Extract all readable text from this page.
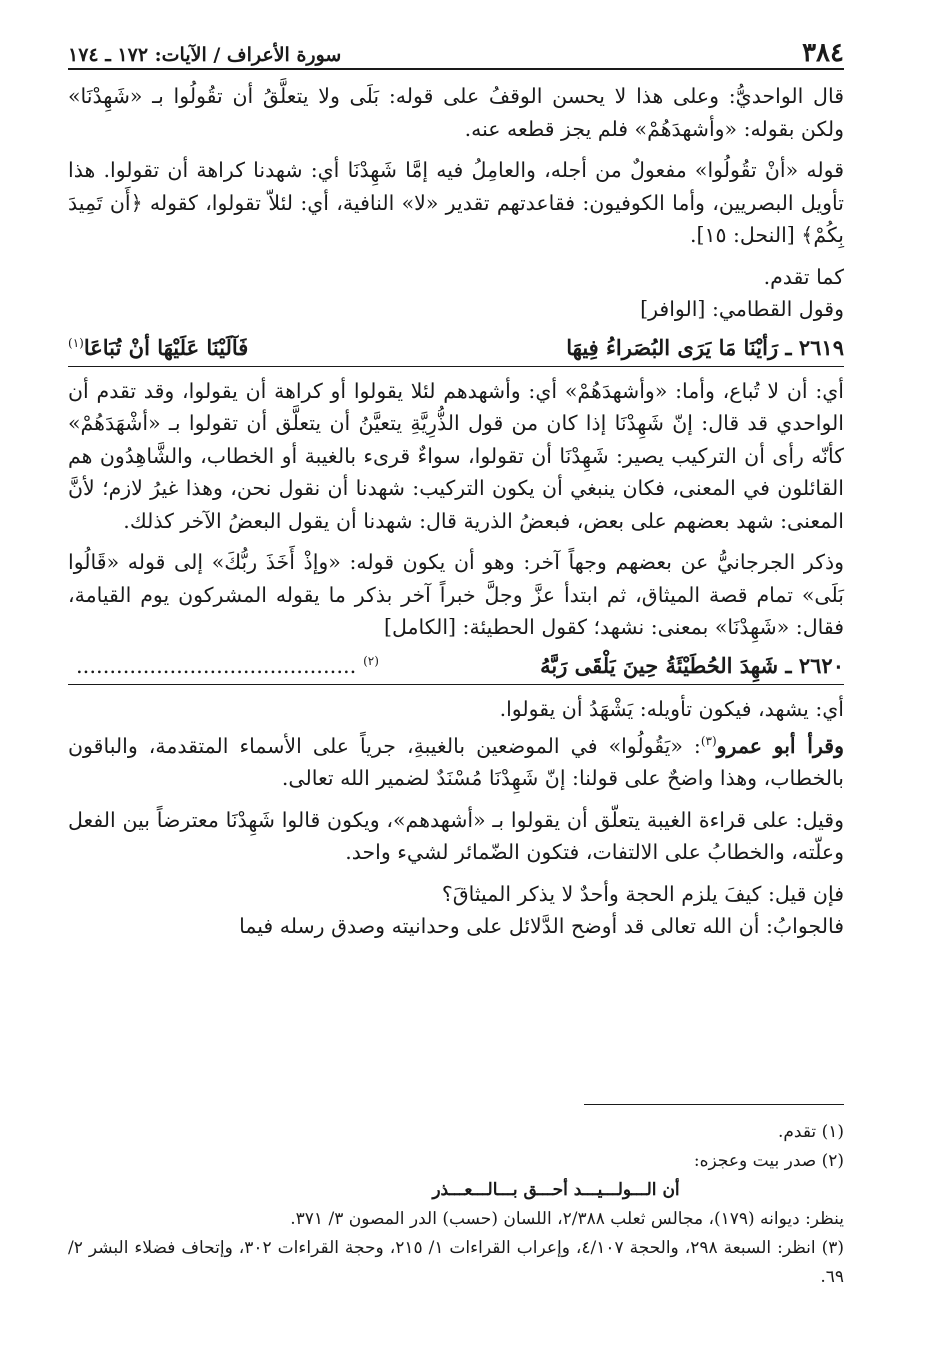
٣٨٤
سورة الأعراف / الآيات: ١٧٢ ـ ١٧٤

قال الواحديُّ: وعلى هذا لا يحسن الوقفُ على قوله: بَلَى ولا يتعلَّقُ أن تقُولُوا بـ «شَهِدْنَا» ولكن بقوله: «وأشهدَهُمْ» فلم يجز قطعه عنه.

قوله «أنْ تقُولُوا» مفعولٌ من أجله، والعامِلُ فيه إمَّا شَهِدْنَا أي: شهدنا كراهة أن تقولوا. هذا تأويل البصريين، وأما الكوفيون: فقاعدتهم تقدير «لا» النافية، أي: لئلاّ تقولوا، كقوله ﴿أَن تَمِيدَ بِكُمْ﴾ [النحل: ١٥].

كما تقدم.

وقول القطامي: [الوافر]

٢٦١٩ ـ رَأيْنَا مَا يَرَى البُصَراءُ فِيهَا
فَآلَيْنَا عَلَيْهَا أنْ تُبَاعَا$^{(١)}$

أي: أن لا تُباع، وأما: «وأشهدَهُمْ» أي: وأشهدهم لئلا يقولوا أو كراهة أن يقولوا، وقد تقدم أن الواحدي قد قال: إنّ شَهِدْنَا إذا كان من قول الذُّرِيَّةِ يتعيَّنُ أن يتعلَّق أن تقولوا بـ «أشْهَدَهُمْ» كأنّه رأى أن التركيب يصير: شَهِدْنَا أن تقولوا، سواءٌ قرىء بالغيبة أو الخطاب، والشَّاهِدُون هم القائلون في المعنى، فكان ينبغي أن يكون التركيب: شهدنا أن نقول نحن، وهذا غيرُ لازم؛ لأنَّ المعنى: شهد بعضهم على بعض، فبعضُ الذرية قال: شهدنا أن يقول البعضُ الآخر كذلك.

وذكر الجرجانيُّ عن بعضهم وجهاً آخر: وهو أن يكون قوله: «وإذْ أَخَذَ ربُّكَ» إلى قوله «قَالُوا بَلَى» تمام قصة الميثاق، ثم ابتدأ عزَّ وجلَّ خبراً آخر بذكر ما يقوله المشركون يوم القيامة، فقال: «شَهِدْنَا» بمعنى: نشهد؛ كقول الحطيئة: [الكامل]

٢٦٢٠ ـ شَهِدَ الحُطَيْئَةُ حِينَ يَلْقَى رَبَّهُ
$^{(٢)}$ ..........................................

أي: يشهد، فيكون تأويله: يَشْهَدُ أن يقولوا.

وقرأ أبو عمرو$^{(٣)}$: «يَقُولُوا» في الموضعين بالغيبةِ، جرياً على الأسماء المتقدمة، والباقون بالخطاب، وهذا واضحٌ على قولنا: إنّ شَهِدْنَا مُسْنَدٌ لضمير الله تعالى.

وقيل: على قراءة الغيبة يتعلّق أن يقولوا بـ «أشهدهم»، ويكون قالوا شَهِدْنَا معترضاً بين الفعل وعلّته، والخطابُ على الالتفات، فتكون الضّمائر لشيء واحد.

فإن قيل: كيفَ يلزم الحجة وأحدٌ لا يذكر الميثاقَ؟

فالجوابُ: أن الله تعالى قد أوضح الدَّلائل على وحدانيته وصدق رسله فيما

(١) تقدم.

(٢) صدر بيت وعجزه:

أن الـــولـــيـــد أحـــق بـــالـــعـــذر

ينظر: ديوانه (١٧٩)، مجالس ثعلب ٢/٣٨٨، اللسان (حسب) الدر المصون ٣/ ٣٧١.

(٣) انظر: السبعة ٢٩٨، والحجة ٤/١٠٧، وإعراب القراءات ١/ ٢١٥، وحجة القراءات ٣٠٢، وإتحاف فضلاء البشر ٢/ ٦٩.
